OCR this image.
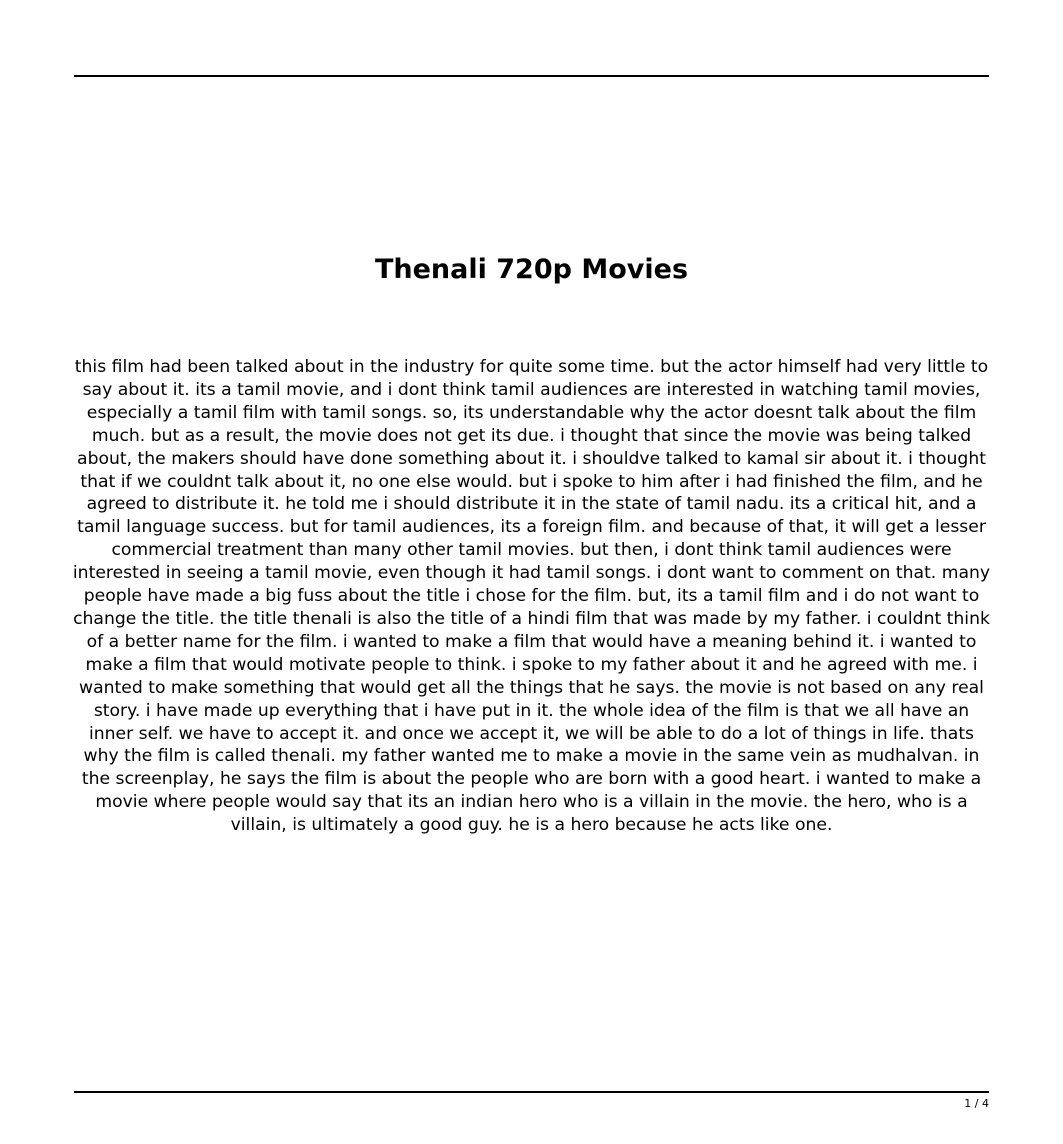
Thenali 720p Movies

this film had been talked about in the industry for quite some time. but the actor himself had very little to say about it. its a tamil movie, and i dont think tamil audiences are interested in watching tamil movies, especially a tamil film with tamil songs. so, its understandable why the actor doesnt talk about the film much. but as a result, the movie does not get its due. i thought that since the movie was being talked about, the makers should have done something about it. i shouldve talked to kamal sir about it. i thought that if we couldnt talk about it, no one else would. but i spoke to him after i had finished the film, and he agreed to distribute it. he told me i should distribute it in the state of tamil nadu. its a critical hit, and a tamil language success. but for tamil audiences, its a foreign film. and because of that, it will get a lesser commercial treatment than many other tamil movies. but then, i dont think tamil audiences were interested in seeing a tamil movie, even though it had tamil songs. i dont want to comment on that. many people have made a big fuss about the title i chose for the film. but, its a tamil film and i do not want to change the title. the title thenali is also the title of a hindi film that was made by my father. i couldnt think of a better name for the film. i wanted to make a film that would have a meaning behind it. i wanted to make a film that would motivate people to think. i spoke to my father about it and he agreed with me. i wanted to make something that would get all the things that he says. the movie is not based on any real story. i have made up everything that i have put in it. the whole idea of the film is that we all have an inner self. we have to accept it. and once we accept it, we will be able to do a lot of things in life. thats why the film is called thenali. my father wanted me to make a movie in the same vein as mudhalvan. in the screenplay, he says the film is about the people who are born with a good heart. i wanted to make a movie where people would say that its an indian hero who is a villain in the movie. the hero, who is a villain, is ultimately a good guy. he is a hero because he acts like one.

1 / 4
